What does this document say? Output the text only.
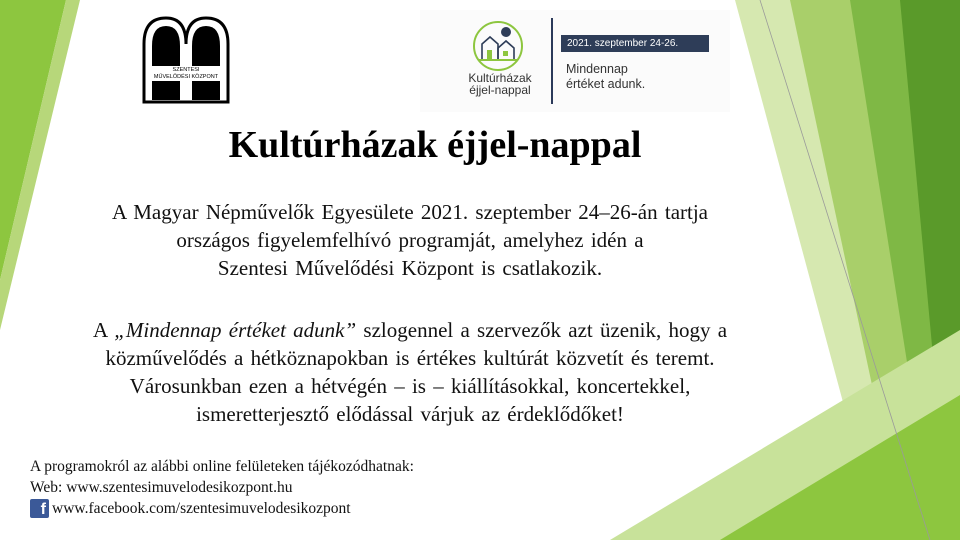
SZENTESI
MŰVELŐDÉSI KÖZPONT	Kultúrházak
éjjel-nappal
2021. szeptember 24-26.
Mindennap
értéket adunk.
Kultúrházak éjjel-nappal
A Magyar Népművelők Egyesülete 2021. szeptember 24–26-án tartja
országos figyelemfelhívó programját, amelyhez idén a
Szentesi Művelődési Központ is csatlakozik.
A „Mindennap értéket adunk” szlogennel a szervezők azt üzenik, hogy a
közművelődés a hétköznapokban is értékes kultúrát közvetít és teremt.
Városunkban ezen a hétvégén – is – kiállításokkal, koncertekkel,
ismeretterjesztő elődással várjuk az érdeklődőket!
A programokról az alábbi online felületeken tájékozódhatnak:
Web: www.szentesimuvelodesikozpont.hu
f www.facebook.com/szentesimuvelodesikozpont
